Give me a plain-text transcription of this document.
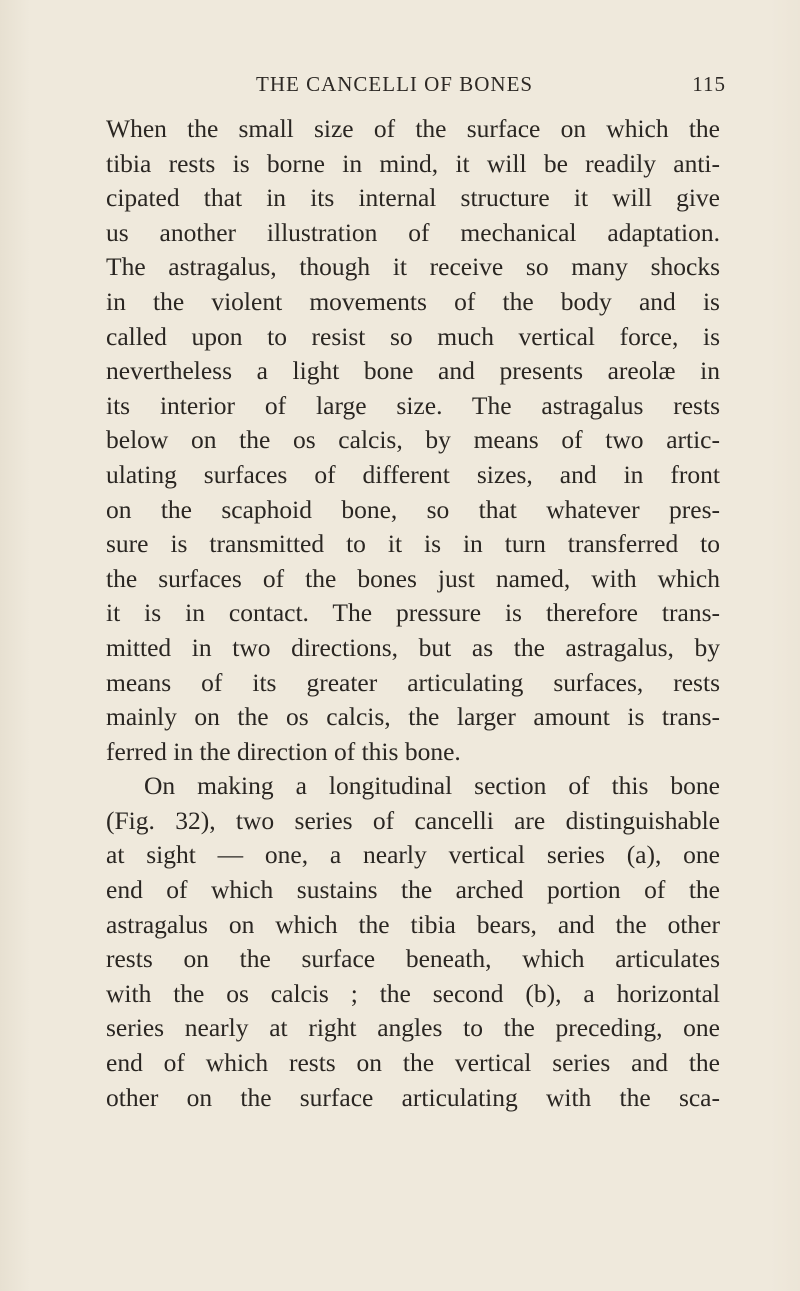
THE CANCELLI OF BONES	115
When the small size of the surface on which the
tibia rests is borne in mind, it will be readily anti-
cipated that in its internal structure it will give
us another illustration of mechanical adaptation.
The astragalus, though it receive so many shocks
in the violent movements of the body and is
called upon to resist so much vertical force, is
nevertheless a light bone and presents areolæ in
its interior of large size. The astragalus rests
below on the os calcis, by means of two artic-
ulating surfaces of different sizes, and in front
on the scaphoid bone, so that whatever pres-
sure is transmitted to it is in turn transferred to
the surfaces of the bones just named, with which
it is in contact. The pressure is therefore trans-
mitted in two directions, but as the astragalus, by
means of its greater articulating surfaces, rests
mainly on the os calcis, the larger amount is trans-
ferred in the direction of this bone.
On making a longitudinal section of this bone
(Fig. 32), two series of cancelli are distinguishable
at sight — one, a nearly vertical series (a), one
end of which sustains the arched portion of the
astragalus on which the tibia bears, and the other
rests on the surface beneath, which articulates
with the os calcis ; the second (b), a horizontal
series nearly at right angles to the preceding, one
end of which rests on the vertical series and the
other on the surface articulating with the sca-
